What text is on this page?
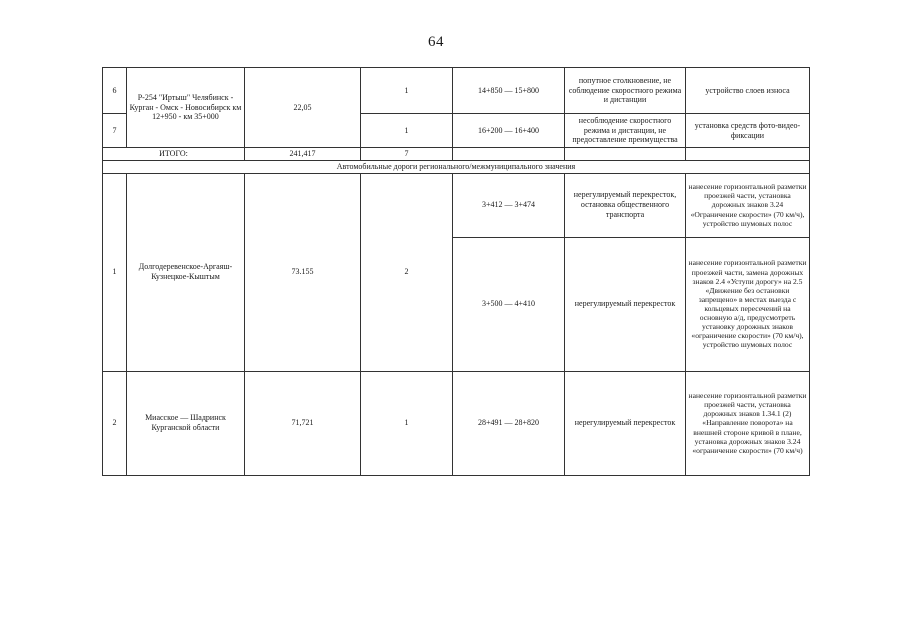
64
6	Р-254 "Иртыш" Челябинск - Курган - Омск - Новосибирск км 12+950 - км 35+000	22,05	1	14+850 — 15+800	попутное столкновение, не соблюдение скоростного режима и дистанции	устройство слоев износа
7			1	16+200 — 16+400	несоблюдение скоростного режима и дистанции, не предоставление преимущества	установка средств фото-видео-фиксации
ИТОГО:		241,417	7			
Автомобильные дороги регионального/межмуниципального значения						
1	Долгодеревенское-Аргаяш-Кузнецкое-Кыштым	73.155	2	3+412 — 3+474	нерегулируемый перекресток, остановка общественного транспорта	нанесение горизонтальной разметки проезжей части, установка дорожных знаков 3.24 «Ограничение скорости» (70 км/ч), устройство шумовых полос
				3+500 — 4+410	нерегулируемый перекресток	нанесение горизонтальной разметки проезжей части, замена дорожных знаков 2.4 «Уступи дорогу» на 2.5 «Движение без остановки запрещено» в местах выезда с кольцевых пересечений на основную а/д, предусмотреть установку дорожных знаков «ограничение скорости» (70 км/ч), устройство шумовых полос
2	Миасское — Шадринск Курганской области	71,721	1	28+491 — 28+820	нерегулируемый перекресток	нанесение горизонтальной разметки проезжей части, установка дорожных знаков 1.34.1 (2) «Направление поворота» на внешней стороне кривой в плане, установка дорожных знаков 3.24 «ограничение скорости» (70 км/ч)
